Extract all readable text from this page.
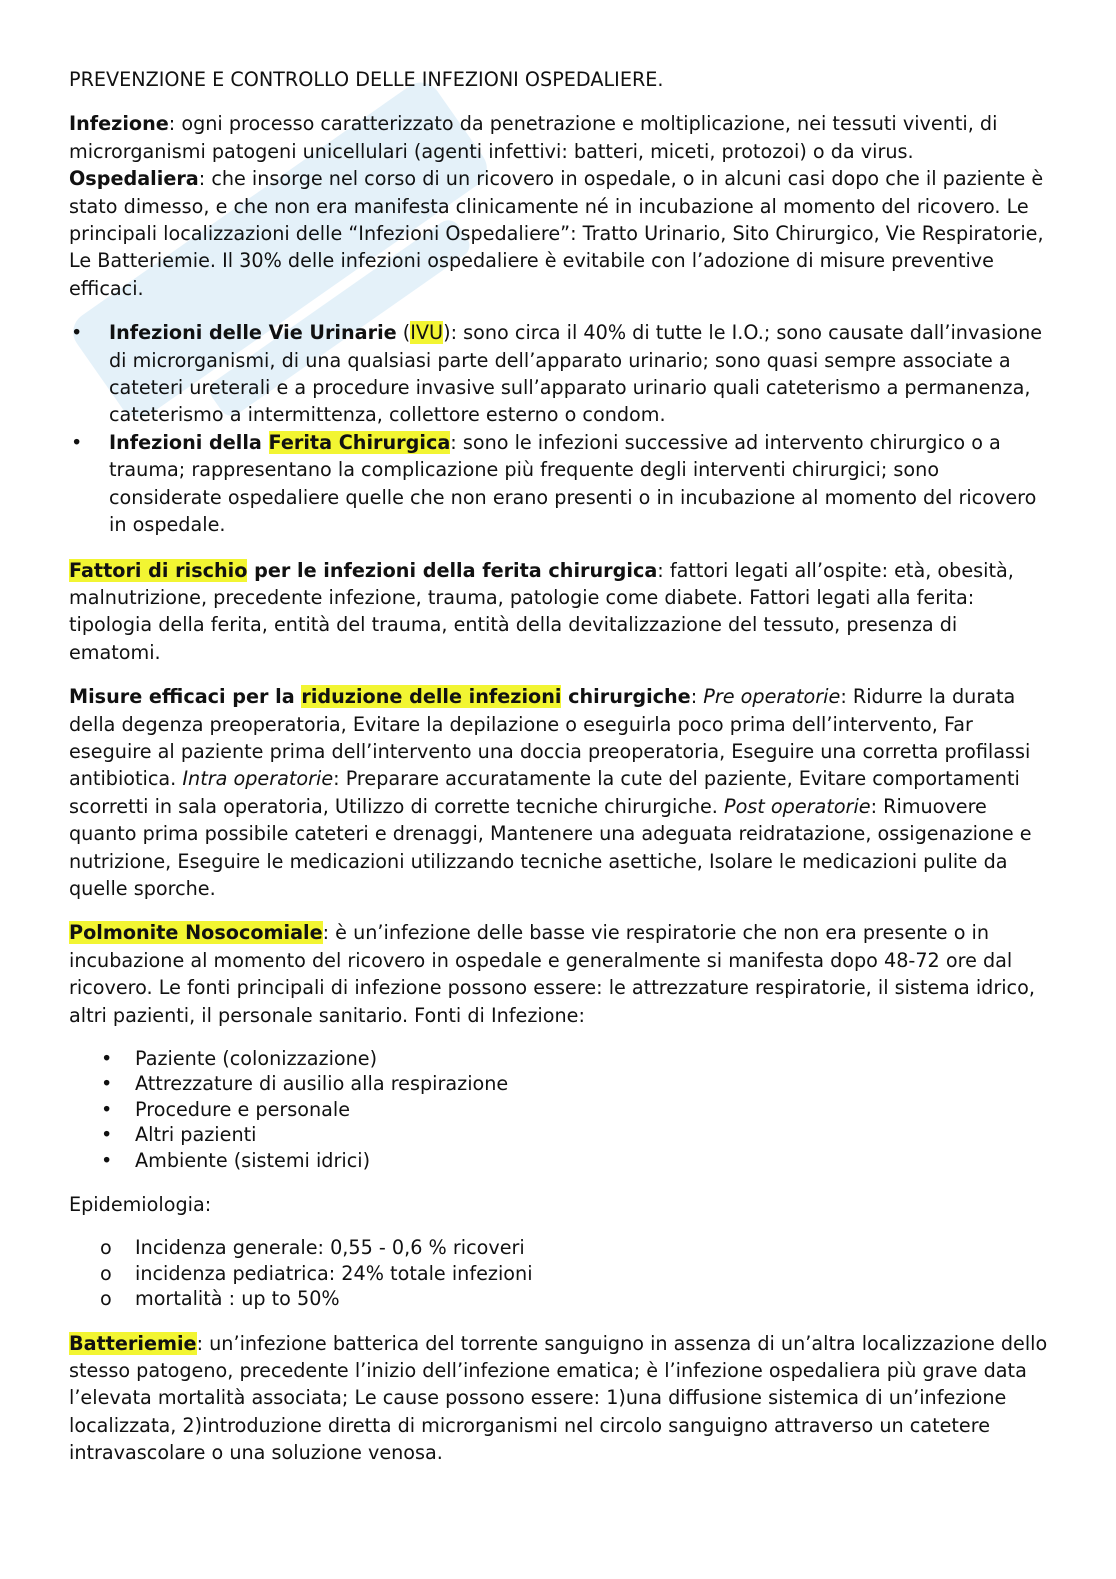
PREVENZIONE E CONTROLLO DELLE INFEZIONI OSPEDALIERE.

Infezione: ogni processo caratterizzato da penetrazione e moltiplicazione, nei tessuti viventi, di microrganismi patogeni unicellulari (agenti infettivi: batteri, miceti, protozoi) o da virus.
Ospedaliera: che insorge nel corso di un ricovero in ospedale, o in alcuni casi dopo che il paziente è stato dimesso, e che non era manifesta clinicamente né in incubazione al momento del ricovero. Le principali localizzazioni delle “Infezioni Ospedaliere”: Tratto Urinario, Sito Chirurgico, Vie Respiratorie, Le Batteriemie. Il 30% delle infezioni ospedaliere è evitabile con l’adozione di misure preventive efficaci.

• Infezioni delle Vie Urinarie (IVU): sono circa il 40% di tutte le I.O.; sono causate dall’invasione di microrganismi, di una qualsiasi parte dell’apparato urinario; sono quasi sempre associate a cateteri ureterali e a procedure invasive sull’apparato urinario quali cateterismo a permanenza, cateterismo a intermittenza, collettore esterno o condom.
• Infezioni della Ferita Chirurgica: sono le infezioni successive ad intervento chirurgico o a trauma; rappresentano la complicazione più frequente degli interventi chirurgici; sono considerate ospedaliere quelle che non erano presenti o in incubazione al momento del ricovero in ospedale.

Fattori di rischio per le infezioni della ferita chirurgica: fattori legati all’ospite: età, obesità, malnutrizione, precedente infezione, trauma, patologie come diabete. Fattori legati alla ferita: tipologia della ferita, entità del trauma, entità della devitalizzazione del tessuto, presenza di ematomi.

Misure efficaci per la riduzione delle infezioni chirurgiche: Pre operatorie: Ridurre la durata della degenza preoperatoria, Evitare la depilazione o eseguirla poco prima dell’intervento, Far eseguire al paziente prima dell’intervento una doccia preoperatoria, Eseguire una corretta profilassi antibiotica. Intra operatorie: Preparare accuratamente la cute del paziente, Evitare comportamenti scorretti in sala operatoria, Utilizzo di corrette tecniche chirurgiche. Post operatorie: Rimuovere quanto prima possibile cateteri e drenaggi, Mantenere una adeguata reidratazione, ossigenazione e nutrizione, Eseguire le medicazioni utilizzando tecniche asettiche, Isolare le medicazioni pulite da quelle sporche.

Polmonite Nosocomiale: è un’infezione delle basse vie respiratorie che non era presente o in incubazione al momento del ricovero in ospedale e generalmente si manifesta dopo 48-72 ore dal ricovero. Le fonti principali di infezione possono essere: le attrezzature respiratorie, il sistema idrico, altri pazienti, il personale sanitario. Fonti di Infezione:

• Paziente (colonizzazione)
• Attrezzature di ausilio alla respirazione
• Procedure e personale
• Altri pazienti
• Ambiente (sistemi idrici)

Epidemiologia:

o Incidenza generale: 0,55 - 0,6 % ricoveri
o incidenza pediatrica: 24% totale infezioni
o mortalità : up to 50%

Batteriemie: un’infezione batterica del torrente sanguigno in assenza di un’altra localizzazione dello stesso patogeno, precedente l’inizio dell’infezione ematica; è l’infezione ospedaliera più grave data l’elevata mortalità associata; Le cause possono essere: 1)una diffusione sistemica di un’infezione localizzata, 2)introduzione diretta di microrganismi nel circolo sanguigno attraverso un catetere intravascolare o una soluzione venosa.
